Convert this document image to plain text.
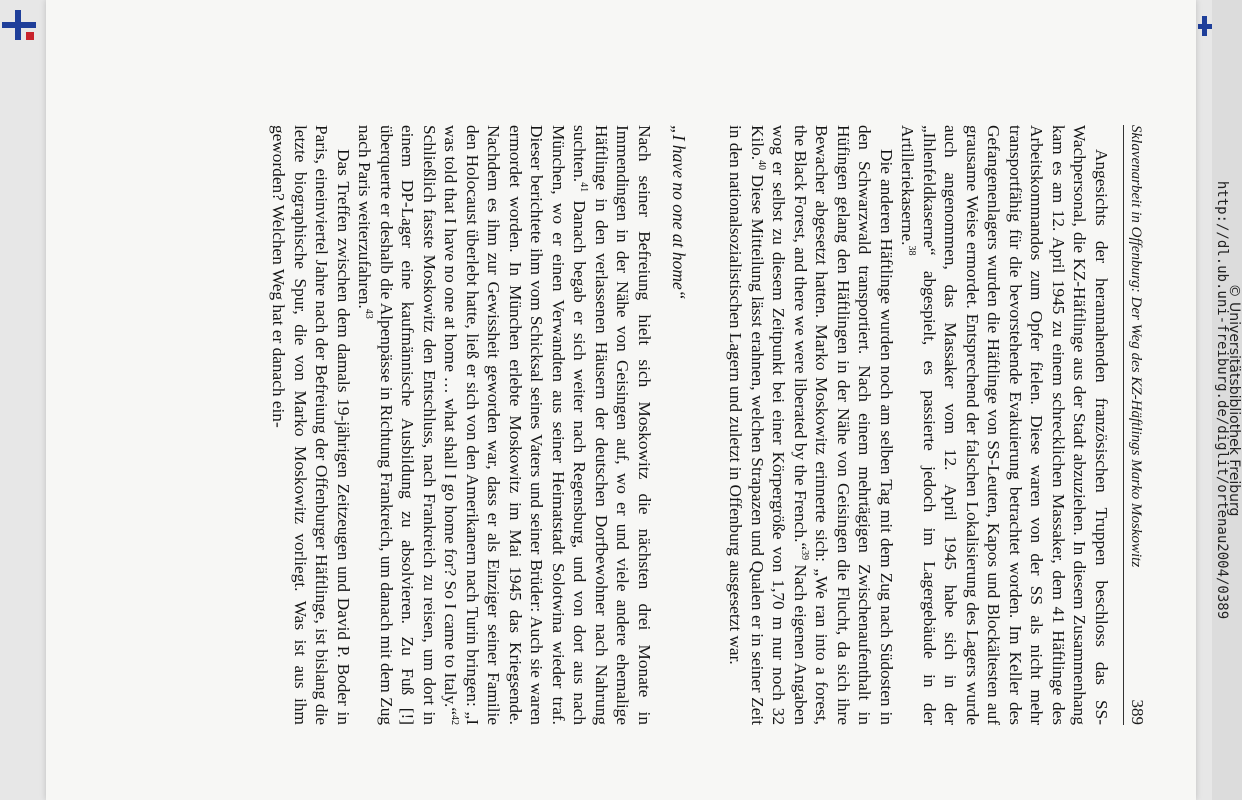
© Universitätsbibliothek Freiburg
http://dl.ub.uni-freiburg.de/diglit/ortenau2004/0389
Sklavenarbeit in Offenburg: Der Weg des KZ-Häftlings Marko Moskowitz
389

Angesichts der herannahenden französischen Truppen beschloss das SS-Wachpersonal, die KZ-Häftlinge aus der Stadt abzuziehen. In diesem Zusammenhang kam es am 12. April 1945 zu einem schrecklichen Massaker, dem 41 Häftlinge des Arbeitskommandos zum Opfer fielen. Diese waren von der SS als nicht mehr transportfähig für die bevorstehende Evakuierung betrachtet worden. Im Keller des Gefangenenlagers wurden die Häftlinge von SS-Leuten, Kapos und Blockältesten auf grausame Weise ermordet. Entsprechend der falschen Lokalisierung des Lagers wurde auch angenommen, das Massaker vom 12. April 1945 habe sich in der „Ihlenfeldkaserne“ abgespielt, es passierte jedoch im Lagergebäude in der Artilleriekaserne.$^{38}$

Die anderen Häftlinge wurden noch am selben Tag mit dem Zug nach Südosten in den Schwarzwald transportiert. Nach einem mehrtägigen Zwischenaufenthalt in Hüfingen gelang den Häftlingen in der Nähe von Geisingen die Flucht, da sich ihre Bewacher abgesetzt hatten. Marko Moskowitz erinnerte sich: „We ran into a forest, the Black Forest, and there we were liberated by the French.“$^{39}$ Nach eigenen Angaben wog er selbst zu diesem Zeitpunkt bei einer Körpergröße von 1,70 m nur noch 32 Kilo.$^{40}$ Diese Mitteilung lässt erahnen, welchen Strapazen und Qualen er in seiner Zeit in den nationalsozialistischen Lagern und zuletzt in Offenburg ausgesetzt war.

„I have no one at home“

Nach seiner Befreiung hielt sich Moskowitz die nächsten drei Monate in Immendingen in der Nähe von Geisingen auf, wo er und viele andere ehemalige Häftlinge in den verlassenen Häusern der deutschen Dorfbewohner nach Nahrung suchten.$^{41}$ Danach begab er sich weiter nach Regensburg, und von dort aus nach München, wo er einen Verwandten aus seiner Heimatstadt Solotwina wieder traf. Dieser berichtete ihm vom Schicksal seines Vaters und seiner Brüder: Auch sie waren ermordet worden. In München erlebte Moskowitz im Mai 1945 das Kriegsende. Nachdem es ihm zur Gewissheit geworden war, dass er als Einziger seiner Familie den Holocaust überlebt hatte, ließ er sich von den Amerikanern nach Turin bringen: „I was told that I have no one at home … what shall I go home for? So I came to Italy.“$^{42}$ Schließlich fasste Moskowitz den Entschluss, nach Frankreich zu reisen, um dort in einem DP-Lager eine kaufmännische Ausbildung zu absolvieren. Zu Fuß [!] überquerte er deshalb die Alpenpässe in Richtung Frankreich, um danach mit dem Zug nach Paris weiterzufahren.$^{43}$

Das Treffen zwischen dem damals 19-jährigen Zeitzeugen und David P. Boder in Paris, eineinviertel Jahre nach der Befreiung der Offenburger Häftlinge, ist bislang die letzte biographische Spur, die von Marko Moskowitz vorliegt. Was ist aus ihm geworden? Welchen Weg hat er danach ein-
